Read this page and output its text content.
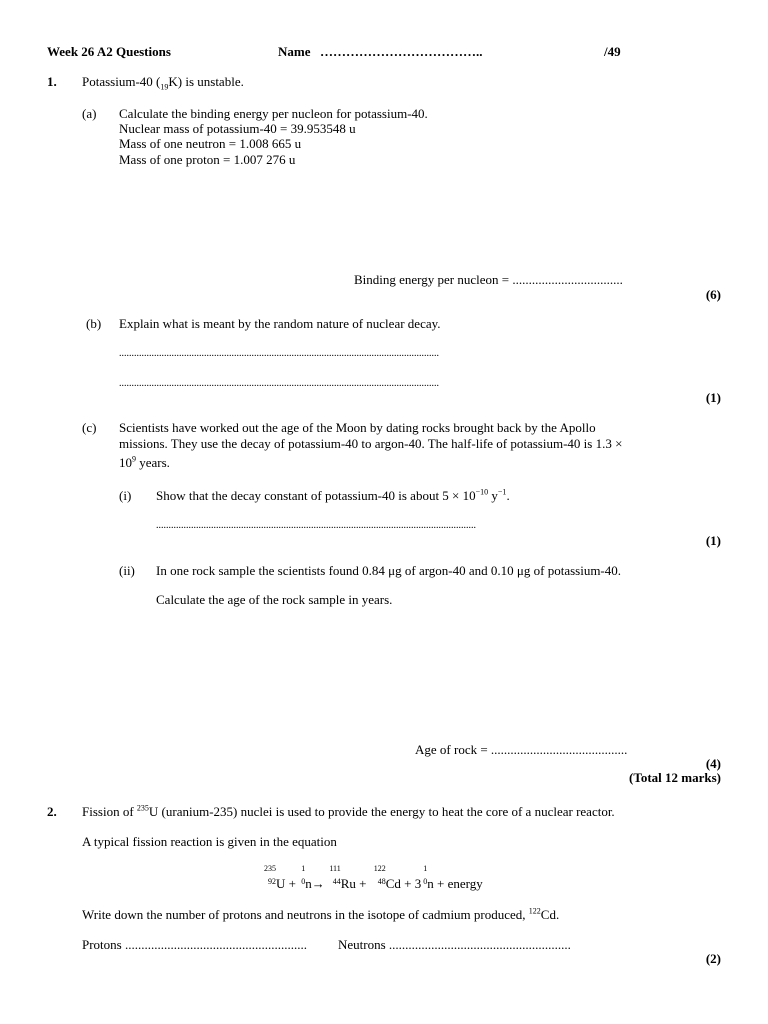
Week 26 A2 Questions	Name ………………………………..	/49
1. Potassium-40 $(_{19}K)$ is unstable.
(a) Calculate the binding energy per nucleon for potassium-40.
Nuclear mass of potassium-40 = 39.953548 u
Mass of one neutron = 1.008 665 u
Mass of one proton = 1.007 276 u
Binding energy per nucleon = ..................................
(6)
(b) Explain what is meant by the random nature of nuclear decay.
................................................................................................................................
................................................................................................................................
(1)
(c) Scientists have worked out the age of the Moon by dating rocks brought back by the Apollo
missions. They use the decay of potassium-40 to argon-40. The half-life of potassium-40 is 1.3 ×
$10^9$ years.
(i) Show that the decay constant of potassium-40 is about $5 \times 10^{-10}$ $y^{-1}$.
................................................................................................................................
(1)
(ii) In one rock sample the scientists found 0.84 μg of argon-40 and 0.10 μg of potassium-40.
Calculate the age of the rock sample in years.
Age of rock = ..........................................
(4)
(Total 12 marks)
2. Fission of $^{235}$U (uranium-235) nuclei is used to provide the energy to heat the core of a nuclear reactor.
A typical fission reaction is given in the equation
235
92 U +
1
0 n→
111
44 Ru +
122
48 Cd + 3
1
0 n + energy
Write down the number of protons and neutrons in the isotope of cadmium produced, $^{122}$Cd.
Protons ........................................................ Neutrons ........................................................
(2)
